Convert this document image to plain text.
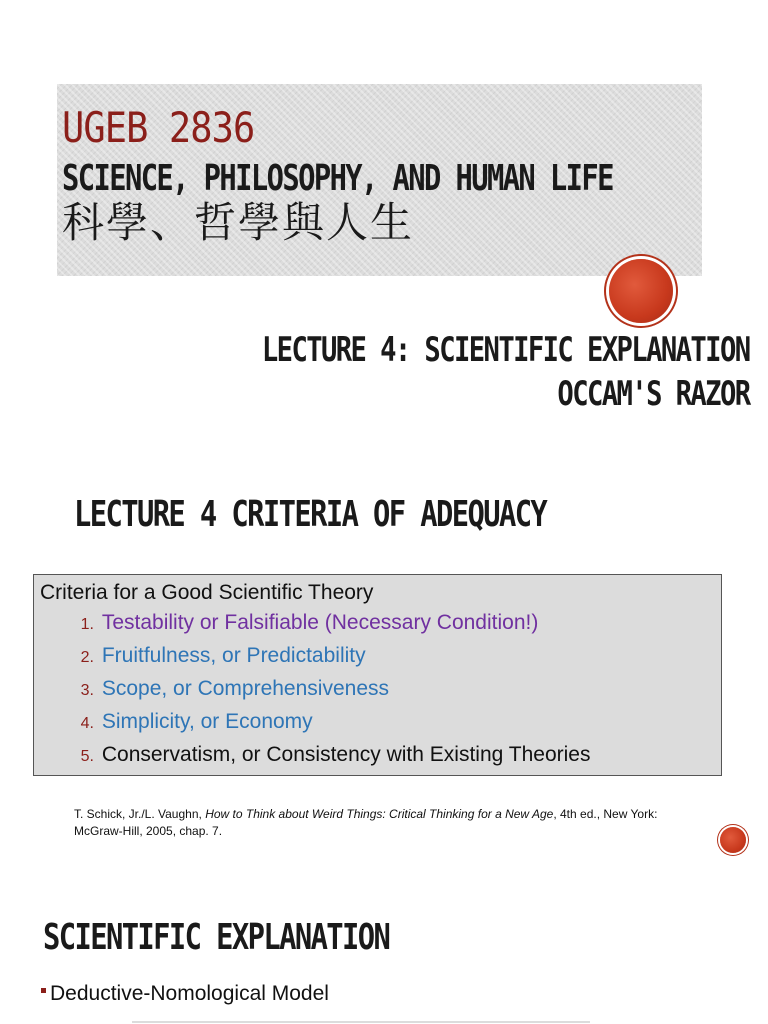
UGEB 2836
SCIENCE, PHILOSOPHY, AND HUMAN LIFE
科學、哲學與人生
LECTURE 4: SCIENTIFIC EXPLANATION
OCCAM'S RAZOR
LECTURE 4 CRITERIA OF ADEQUACY
Criteria for a Good Scientific Theory
1. Testability or Falsifiable (Necessary Condition!)
2. Fruitfulness, or Predictability
3. Scope, or Comprehensiveness
4. Simplicity, or Economy
5. Conservatism, or Consistency with Existing Theories
T. Schick, Jr./L. Vaughn, How to Think about Weird Things: Critical Thinking for a New Age, 4th ed., New York: McGraw-Hill, 2005, chap. 7.
SCIENTIFIC EXPLANATION
Deductive-Nomological Model
